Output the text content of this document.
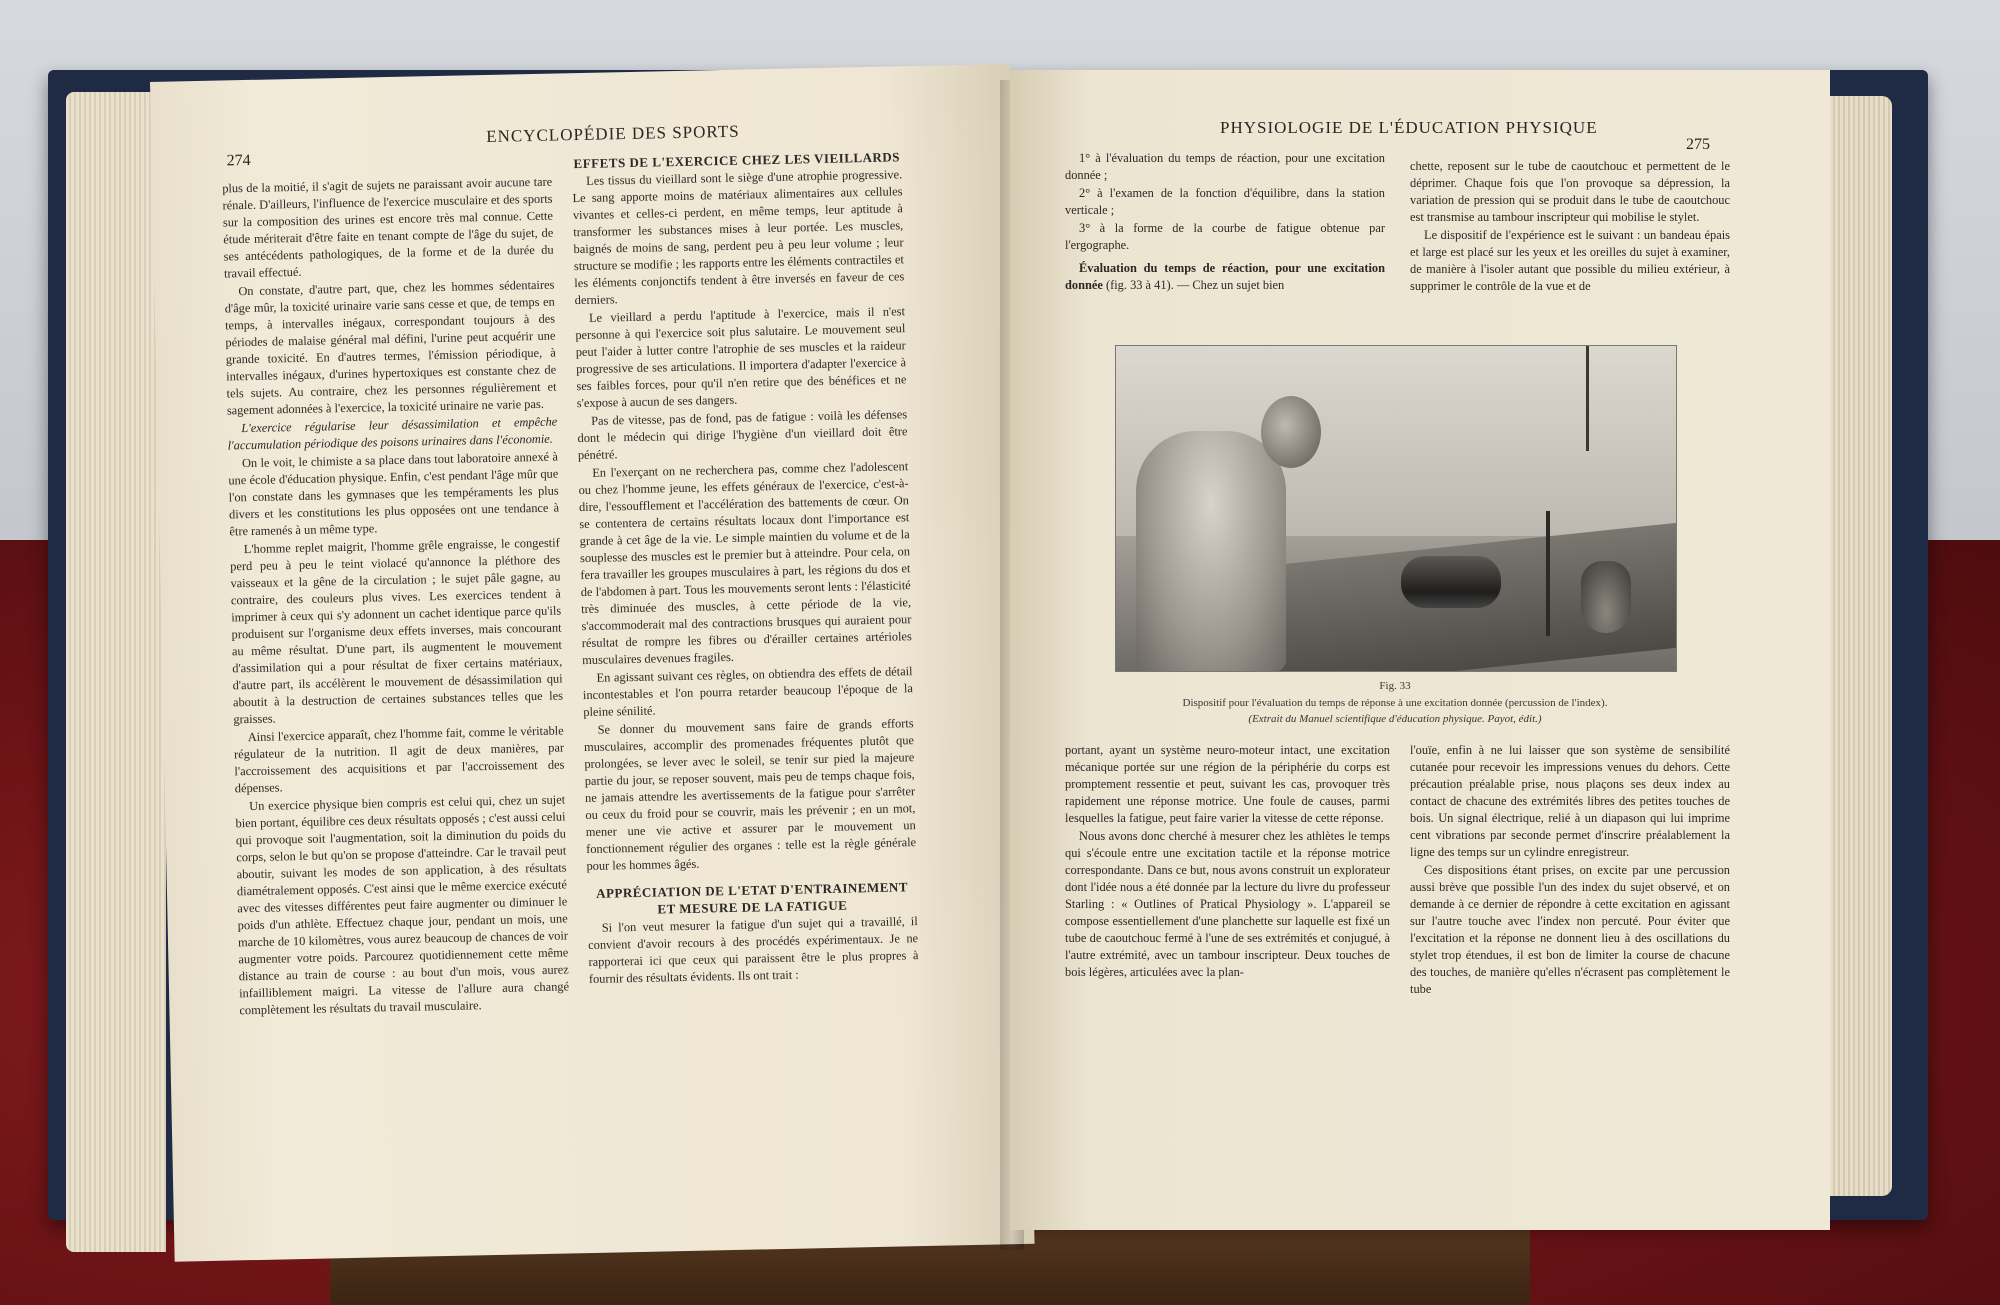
ENCYCLOPÉDIE DES SPORTS
274

plus de la moitié, il s'agit de sujets ne paraissant avoir aucune tare rénale. D'ailleurs, l'influence de l'exercice musculaire et des sports sur la composition des urines est encore très mal connue. Cette étude mériterait d'être faite en tenant compte de l'âge du sujet, de ses antécédents pathologiques, de la forme et de la durée du travail effectué.

On constate, d'autre part, que, chez les hommes sédentaires d'âge mûr, la toxicité urinaire varie sans cesse et que, de temps en temps, à intervalles inégaux, correspondant toujours à des périodes de malaise général mal défini, l'urine peut acquérir une grande toxicité. En d'autres termes, l'émission périodique, à intervalles inégaux, d'urines hypertoxiques est constante chez de tels sujets. Au contraire, chez les personnes régulièrement et sagement adonnées à l'exercice, la toxicité urinaire ne varie pas.

L'exercice régularise leur désassimilation et empêche l'accumulation périodique des poisons urinaires dans l'économie.

On le voit, le chimiste a sa place dans tout laboratoire annexé à une école d'éducation physique. Enfin, c'est pendant l'âge mûr que l'on constate dans les gymnases que les tempéraments les plus divers et les constitutions les plus opposées ont une tendance à être ramenés à un même type.

L'homme replet maigrit, l'homme grêle engraisse, le congestif perd peu à peu le teint violacé qu'annonce la pléthore des vaisseaux et la gêne de la circulation ; le sujet pâle gagne, au contraire, des couleurs plus vives. Les exercices tendent à imprimer à ceux qui s'y adonnent un cachet identique parce qu'ils produisent sur l'organisme deux effets inverses, mais concourant au même résultat. D'une part, ils augmentent le mouvement d'assimilation qui a pour résultat de fixer certains matériaux, d'autre part, ils accélèrent le mouvement de désassimilation qui aboutit à la destruction de certaines substances telles que les graisses.

Ainsi l'exercice apparaît, chez l'homme fait, comme le véritable régulateur de la nutrition. Il agit de deux manières, par l'accroissement des acquisitions et par l'accroissement des dépenses.

Un exercice physique bien compris est celui qui, chez un sujet bien portant, équilibre ces deux résultats opposés ; c'est aussi celui qui provoque soit l'augmentation, soit la diminution du poids du corps, selon le but qu'on se propose d'atteindre. Car le travail peut aboutir, suivant les modes de son application, à des résultats diamétralement opposés. C'est ainsi que le même exercice exécuté avec des vitesses différentes peut faire augmenter ou diminuer le poids d'un athlète. Effectuez chaque jour, pendant un mois, une marche de 10 kilomètres, vous aurez beaucoup de chances de voir augmenter votre poids. Parcourez quotidiennement cette même distance au train de course : au bout d'un mois, vous aurez infailliblement maigri. La vitesse de l'allure aura changé complètement les résultats du travail musculaire.

EFFETS DE L'EXERCICE CHEZ LES VIEILLARDS

Les tissus du vieillard sont le siège d'une atrophie progressive. Le sang apporte moins de matériaux alimentaires aux cellules vivantes et celles-ci perdent, en même temps, leur aptitude à transformer les substances mises à leur portée. Les muscles, baignés de moins de sang, perdent peu à peu leur volume ; leur structure se modifie ; les rapports entre les éléments contractiles et les éléments conjonctifs tendent à être inversés en faveur de ces derniers.

Le vieillard a perdu l'aptitude à l'exercice, mais il n'est personne à qui l'exercice soit plus salutaire. Le mouvement seul peut l'aider à lutter contre l'atrophie de ses muscles et la raideur progressive de ses articulations. Il importera d'adapter l'exercice à ses faibles forces, pour qu'il n'en retire que des bénéfices et ne s'expose à aucun de ses dangers.

Pas de vitesse, pas de fond, pas de fatigue : voilà les défenses dont le médecin qui dirige l'hygiène d'un vieillard doit être pénétré.

En l'exerçant on ne recherchera pas, comme chez l'adolescent ou chez l'homme jeune, les effets généraux de l'exercice, c'est-à-dire, l'essoufflement et l'accélération des battements de cœur. On se contentera de certains résultats locaux dont l'importance est grande à cet âge de la vie. Le simple maintien du volume et de la souplesse des muscles est le premier but à atteindre. Pour cela, on fera travailler les groupes musculaires à part, les régions du dos et de l'abdomen à part. Tous les mouvements seront lents : l'élasticité très diminuée des muscles, à cette période de la vie, s'accommoderait mal des contractions brusques qui auraient pour résultat de rompre les fibres ou d'érailler certaines artérioles musculaires devenues fragiles.

En agissant suivant ces règles, on obtiendra des effets de détail incontestables et l'on pourra retarder beaucoup l'époque de la pleine sénilité.

Se donner du mouvement sans faire de grands efforts musculaires, accomplir des promenades fréquentes plutôt que prolongées, se lever avec le soleil, se tenir sur pied la majeure partie du jour, se reposer souvent, mais peu de temps chaque fois, ne jamais attendre les avertissements de la fatigue pour s'arrêter ou ceux du froid pour se couvrir, mais les prévenir ; en un mot, mener une vie active et assurer par le mouvement un fonctionnement régulier des organes : telle est la règle générale pour les hommes âgés.

APPRÉCIATION DE L'ETAT D'ENTRAINEMENT ET MESURE DE LA FATIGUE

Si l'on veut mesurer la fatigue d'un sujet qui a travaillé, il convient d'avoir recours à des procédés expérimentaux. Je ne rapporterai ici que ceux qui paraissent être le plus propres à fournir des résultats évidents. Ils ont trait :

PHYSIOLOGIE DE L'ÉDUCATION PHYSIQUE
275

1° à l'évaluation du temps de réaction, pour une excitation donnée ;

2° à l'examen de la fonction d'équilibre, dans la station verticale ;

3° à la forme de la courbe de fatigue obtenue par l'ergographe.

Évaluation du temps de réaction, pour une excitation donnée (fig. 33 à 41). — Chez un sujet bien

chette, reposent sur le tube de caoutchouc et permettent de le déprimer. Chaque fois que l'on provoque sa dépression, la variation de pression qui se produit dans le tube de caoutchouc est transmise au tambour inscripteur qui mobilise le stylet.

Le dispositif de l'expérience est le suivant : un bandeau épais et large est placé sur les yeux et les oreilles du sujet à examiner, de manière à l'isoler autant que possible du milieu extérieur, à supprimer le contrôle de la vue et de

Fig. 33
Dispositif pour l'évaluation du temps de réponse à une excitation donnée (percussion de l'index).
(Extrait du Manuel scientifique d'éducation physique. Payot, édit.)

portant, ayant un système neuro-moteur intact, une excitation mécanique portée sur une région de la périphérie du corps est promptement ressentie et peut, suivant les cas, provoquer très rapidement une réponse motrice. Une foule de causes, parmi lesquelles la fatigue, peut faire varier la vitesse de cette réponse.

Nous avons donc cherché à mesurer chez les athlètes le temps qui s'écoule entre une excitation tactile et la réponse motrice correspondante. Dans ce but, nous avons construit un explorateur dont l'idée nous a été donnée par la lecture du livre du professeur Starling : « Outlines of Pratical Physiology ». L'appareil se compose essentiellement d'une planchette sur laquelle est fixé un tube de caoutchouc fermé à l'une de ses extrémités et conjugué, à l'autre extrémité, avec un tambour inscripteur. Deux touches de bois légères, articulées avec la plan-

l'ouïe, enfin à ne lui laisser que son système de sensibilité cutanée pour recevoir les impressions venues du dehors. Cette précaution préalable prise, nous plaçons ses deux index au contact de chacune des extrémités libres des petites touches de bois. Un signal électrique, relié à un diapason qui lui imprime cent vibrations par seconde permet d'inscrire préalablement la ligne des temps sur un cylindre enregistreur.

Ces dispositions étant prises, on excite par une percussion aussi brève que possible l'un des index du sujet observé, et on demande à ce dernier de répondre à cette excitation en agissant sur l'autre touche avec l'index non percuté. Pour éviter que l'excitation et la réponse ne donnent lieu à des oscillations du stylet trop étendues, il est bon de limiter la course de chacune des touches, de manière qu'elles n'écrasent pas complètement le tube
